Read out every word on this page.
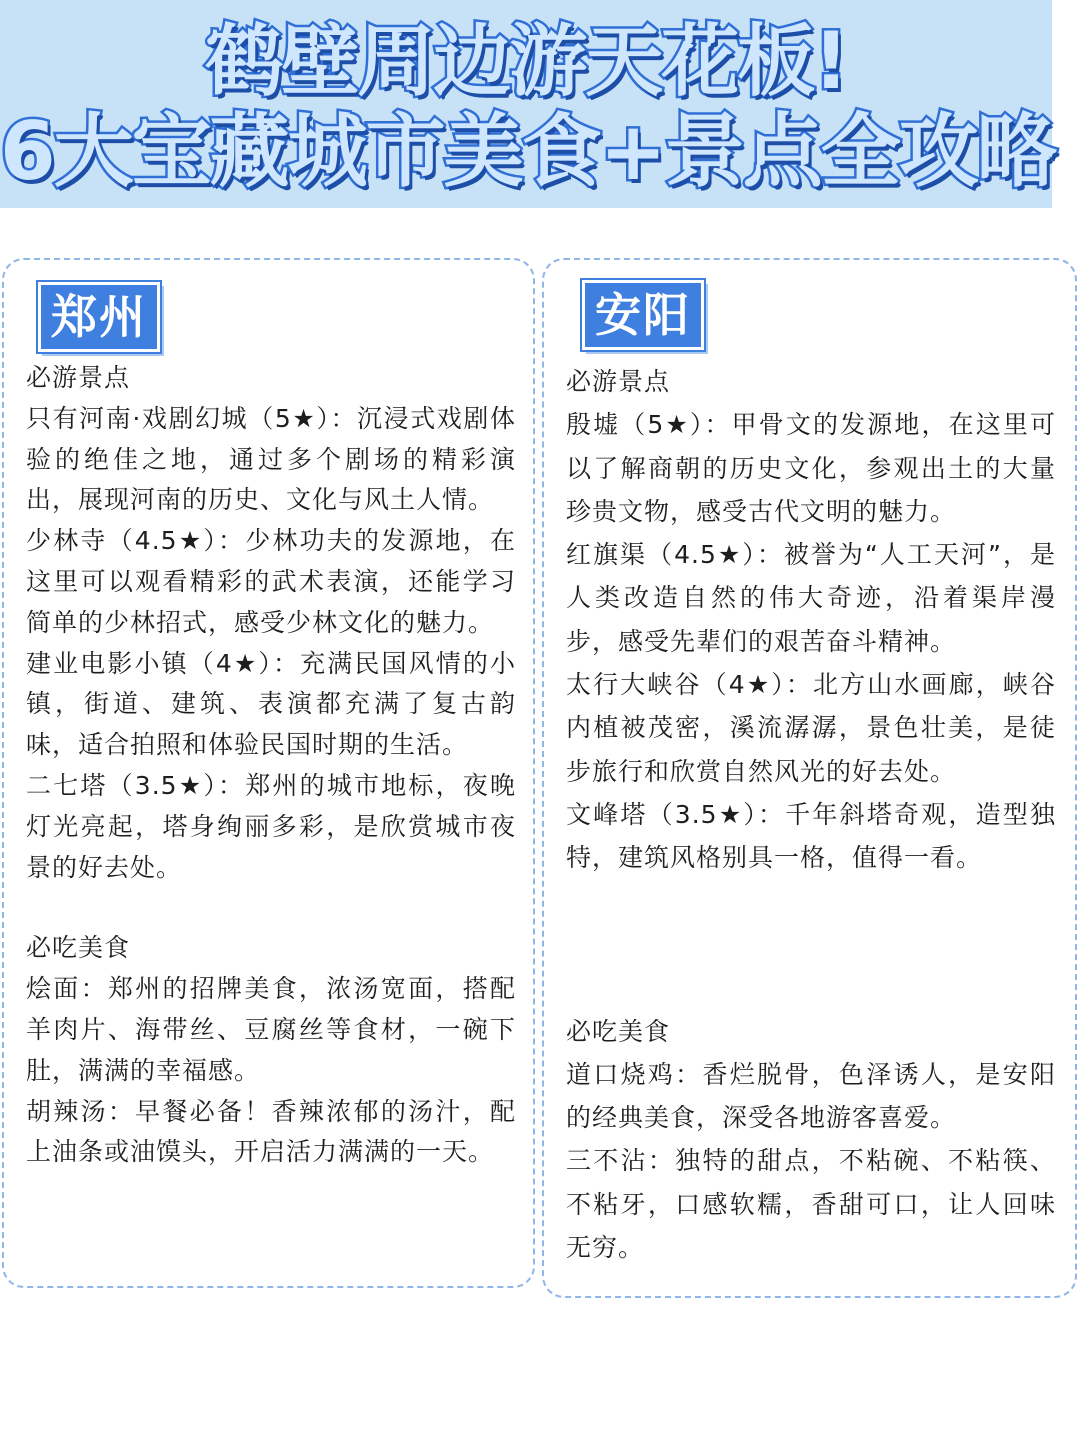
鹤壁周边游天花板!
6大宝藏城市美食+景点全攻略
郑州
必游景点
只有河南·戏剧幻城（5★）：沉浸式戏剧体验的绝佳之地，通过多个剧场的精彩演出，展现河南的历史、文化与风土人情。
少林寺（4.5★）：少林功夫的发源地，在这里可以观看精彩的武术表演，还能学习简单的少林招式，感受少林文化的魅力。
建业电影小镇（4★）：充满民国风情的小镇，街道、建筑、表演都充满了复古韵味，适合拍照和体验民国时期的生活。
二七塔（3.5★）：郑州的城市地标，夜晚灯光亮起，塔身绚丽多彩，是欣赏城市夜景的好去处。
必吃美食
烩面：郑州的招牌美食，浓汤宽面，搭配羊肉片、海带丝、豆腐丝等食材，一碗下肚，满满的幸福感。
胡辣汤：早餐必备！香辣浓郁的汤汁，配上油条或油馍头，开启活力满满的一天。
安阳
必游景点
殷墟（5★）：甲骨文的发源地，在这里可以了解商朝的历史文化，参观出土的大量珍贵文物，感受古代文明的魅力。
红旗渠（4.5★）：被誉为“人工天河”，是人类改造自然的伟大奇迹，沿着渠岸漫步，感受先辈们的艰苦奋斗精神。
太行大峡谷（4★）：北方山水画廊，峡谷内植被茂密，溪流潺潺，景色壮美，是徒步旅行和欣赏自然风光的好去处。
文峰塔（3.5★）：千年斜塔奇观，造型独特，建筑风格别具一格，值得一看。
必吃美食
道口烧鸡：香烂脱骨，色泽诱人，是安阳的经典美食，深受各地游客喜爱。
三不沾：独特的甜点，不粘碗、不粘筷、不粘牙，口感软糯，香甜可口，让人回味无穷。
